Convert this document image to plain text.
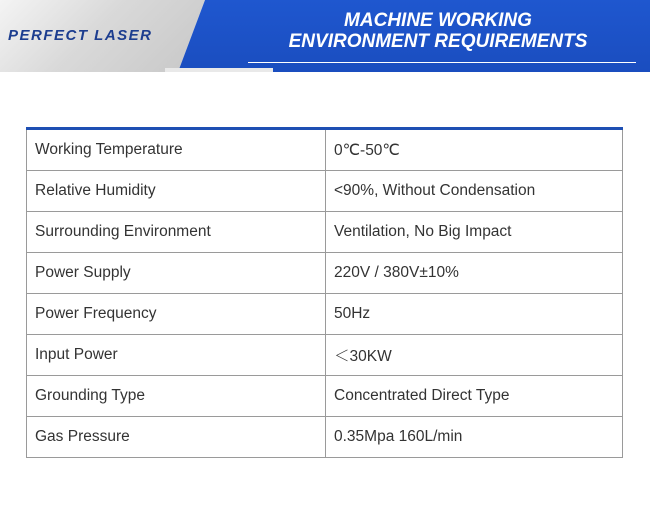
PERFECT LASER
MACHINE WORKING
ENVIRONMENT REQUIREMENTS
Working Temperature	0℃-50℃
Relative Humidity	<90%, Without Condensation
Surrounding Environment	Ventilation, No Big Impact
Power Supply	220V / 380V±10%
Power Frequency	50Hz
Input Power	＜30KW
Grounding Type	Concentrated Direct Type
Gas Pressure	0.35Mpa 160L/min
